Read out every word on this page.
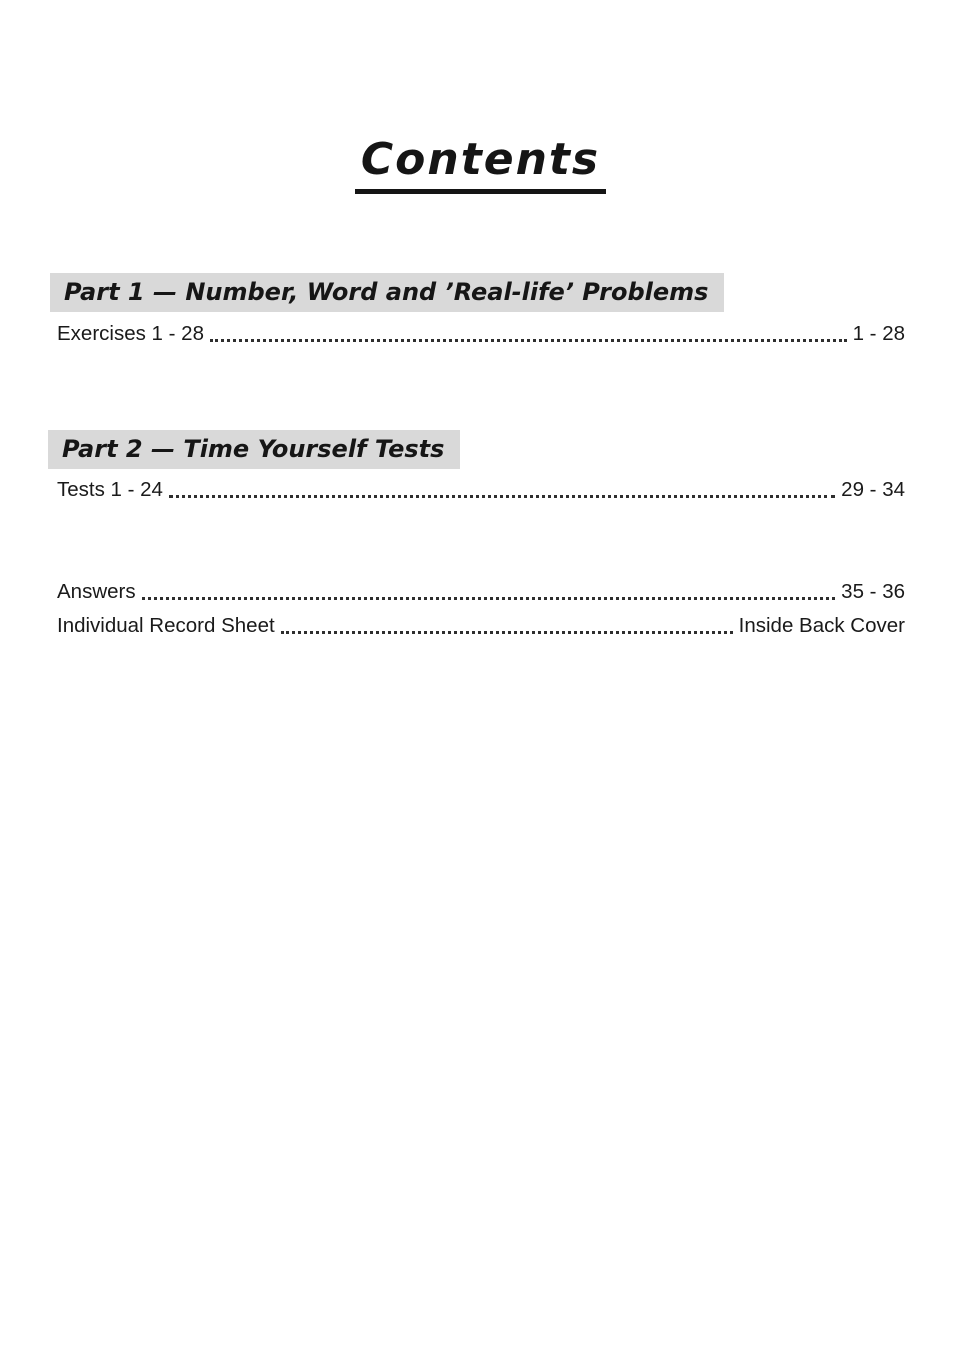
Contents
Part 1 — Number, Word and ’Real-life’ Problems
Exercises 1 - 28	1 - 28
Part 2 — Time Yourself Tests
Tests 1 - 24	29 - 34
Answers	35 - 36
Individual Record Sheet	Inside Back Cover
